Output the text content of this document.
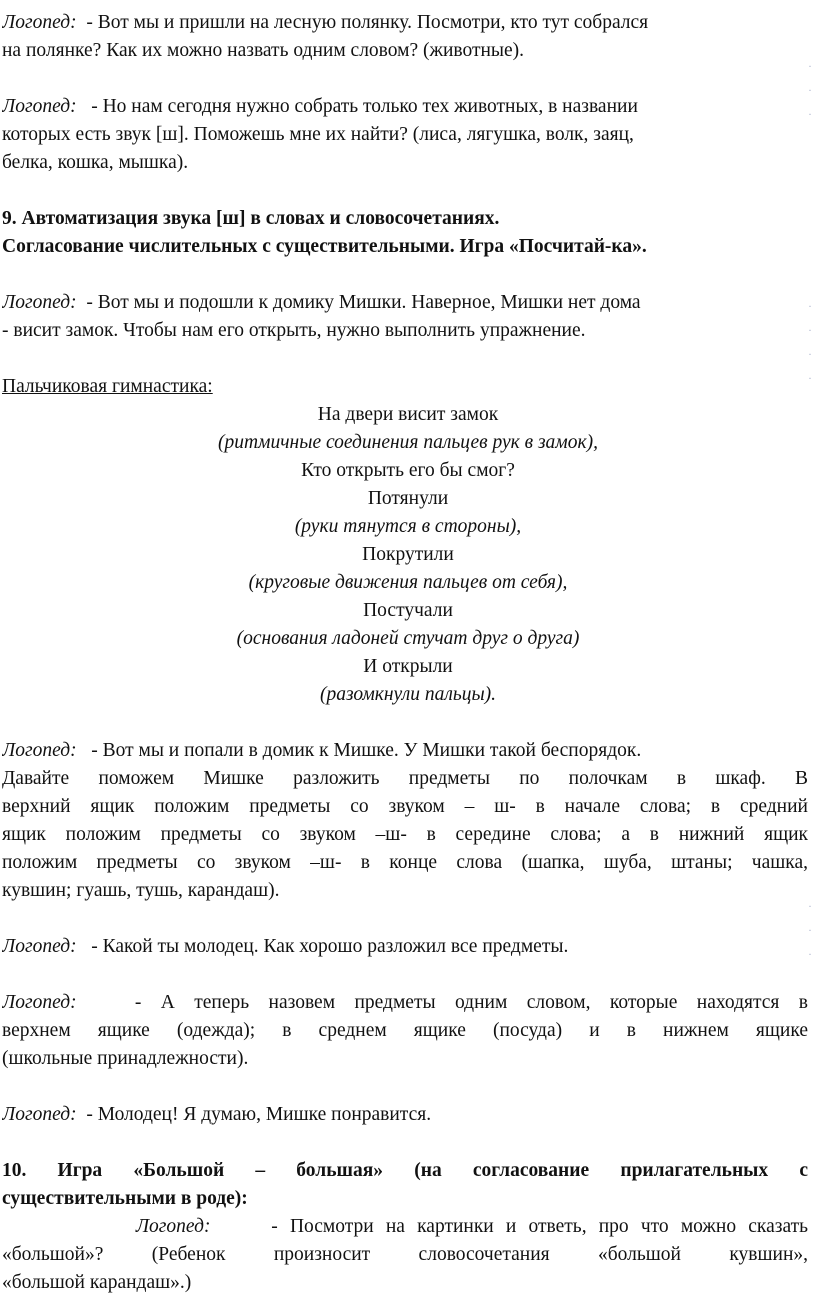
Логопед: - Вот мы и пришли на лесную полянку. Посмотри, кто тут собрался
на полянке? Как их можно назвать одним словом? (животные).
Логопед: - Но нам сегодня нужно собрать только тех животных, в названии
которых есть звук [ш]. Поможешь мне их найти? (лиса, лягушка, волк, заяц,
белка, кошка, мышка).
9. Автоматизация звука [ш] в словах и словосочетаниях.
Согласование числительных с существительными. Игра «Посчитай-ка».
Логопед: - Вот мы и подошли к домику Мишки. Наверное, Мишки нет дома
- висит замок. Чтобы нам его открыть, нужно выполнить упражнение.
Пальчиковая гимнастика:
На двери висит замок
(ритмичные соединения пальцев рук в замок),
Кто открыть его бы смог?
Потянули
(руки тянутся в стороны),
Покрутили
(круговые движения пальцев от себя),
Постучали
(основания ладоней стучат друг о друга)
И открыли
(разомкнули пальцы).
Логопед: - Вот мы и попали в домик к Мишке. У Мишки такой беспорядок.
Давайте поможем Мишке разложить предметы по полочкам в шкаф. В
верхний ящик положим предметы со звуком – ш- в начале слова; в средний
ящик положим предметы со звуком –ш- в середине слова; а в нижний ящик
положим предметы со звуком –ш- в конце слова (шапка, шуба, штаны; чашка,
кувшин; гуашь, тушь, карандаш).
Логопед: - Какой ты молодец. Как хорошо разложил все предметы.
Логопед:	- А теперь назовем предметы одним словом, которые находятся в
верхнем ящике (одежда); в среднем ящике (посуда) и в нижнем ящике
(школьные принадлежности).
Логопед: - Молодец! Я думаю, Мишке понравится.
10. Игра «Большой – большая» (на согласование прилагательных с
существительными в роде):
Логопед:	- Посмотри на картинки и ответь, про что можно сказать
«большой»? (Ребенок произносит словосочетания «большой кувшин»,
«большой карандаш».)
·

·

·
·

·

·

·
·

·

·
